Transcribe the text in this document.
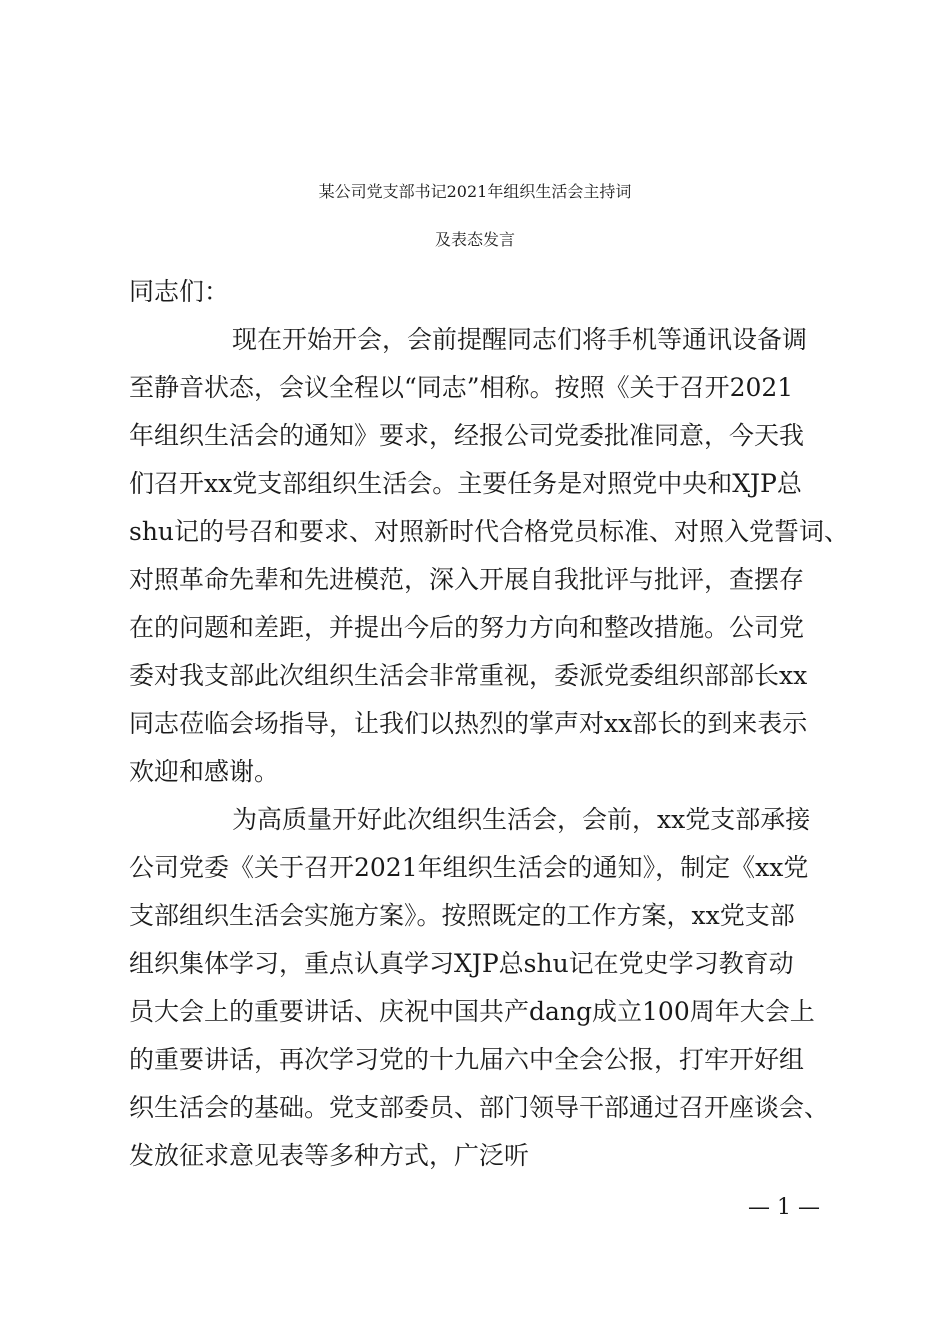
某公司党支部书记2021年组织生活会主持词
及表态发言
同志们：
现在开始开会，会前提醒同志们将手机等通讯设备调
至静音状态，会议全程以“同志”相称。按照《关于召开2021
年组织生活会的通知》要求，经报公司党委批准同意，今天我
们召开xx党支部组织生活会。主要任务是对照党中央和XJP总
shu记的号召和要求、对照新时代合格党员标准、对照入党誓词、
对照革命先辈和先进模范，深入开展自我批评与批评，查摆存
在的问题和差距，并提出今后的努力方向和整改措施。公司党
委对我支部此次组织生活会非常重视，委派党委组织部部长xx
同志莅临会场指导，让我们以热烈的掌声对xx部长的到来表示
欢迎和感谢。
为高质量开好此次组织生活会，会前，xx党支部承接
公司党委《关于召开2021年组织生活会的通知》，制定《xx党
支部组织生活会实施方案》。按照既定的工作方案，xx党支部
组织集体学习，重点认真学习XJP总shu记在党史学习教育动
员大会上的重要讲话、庆祝中国共产dang成立100周年大会上
的重要讲话，再次学习党的十九届六中全会公报，打牢开好组
织生活会的基础。党支部委员、部门领导干部通过召开座谈会、
发放征求意见表等多种方式，广泛听
— 1 —
